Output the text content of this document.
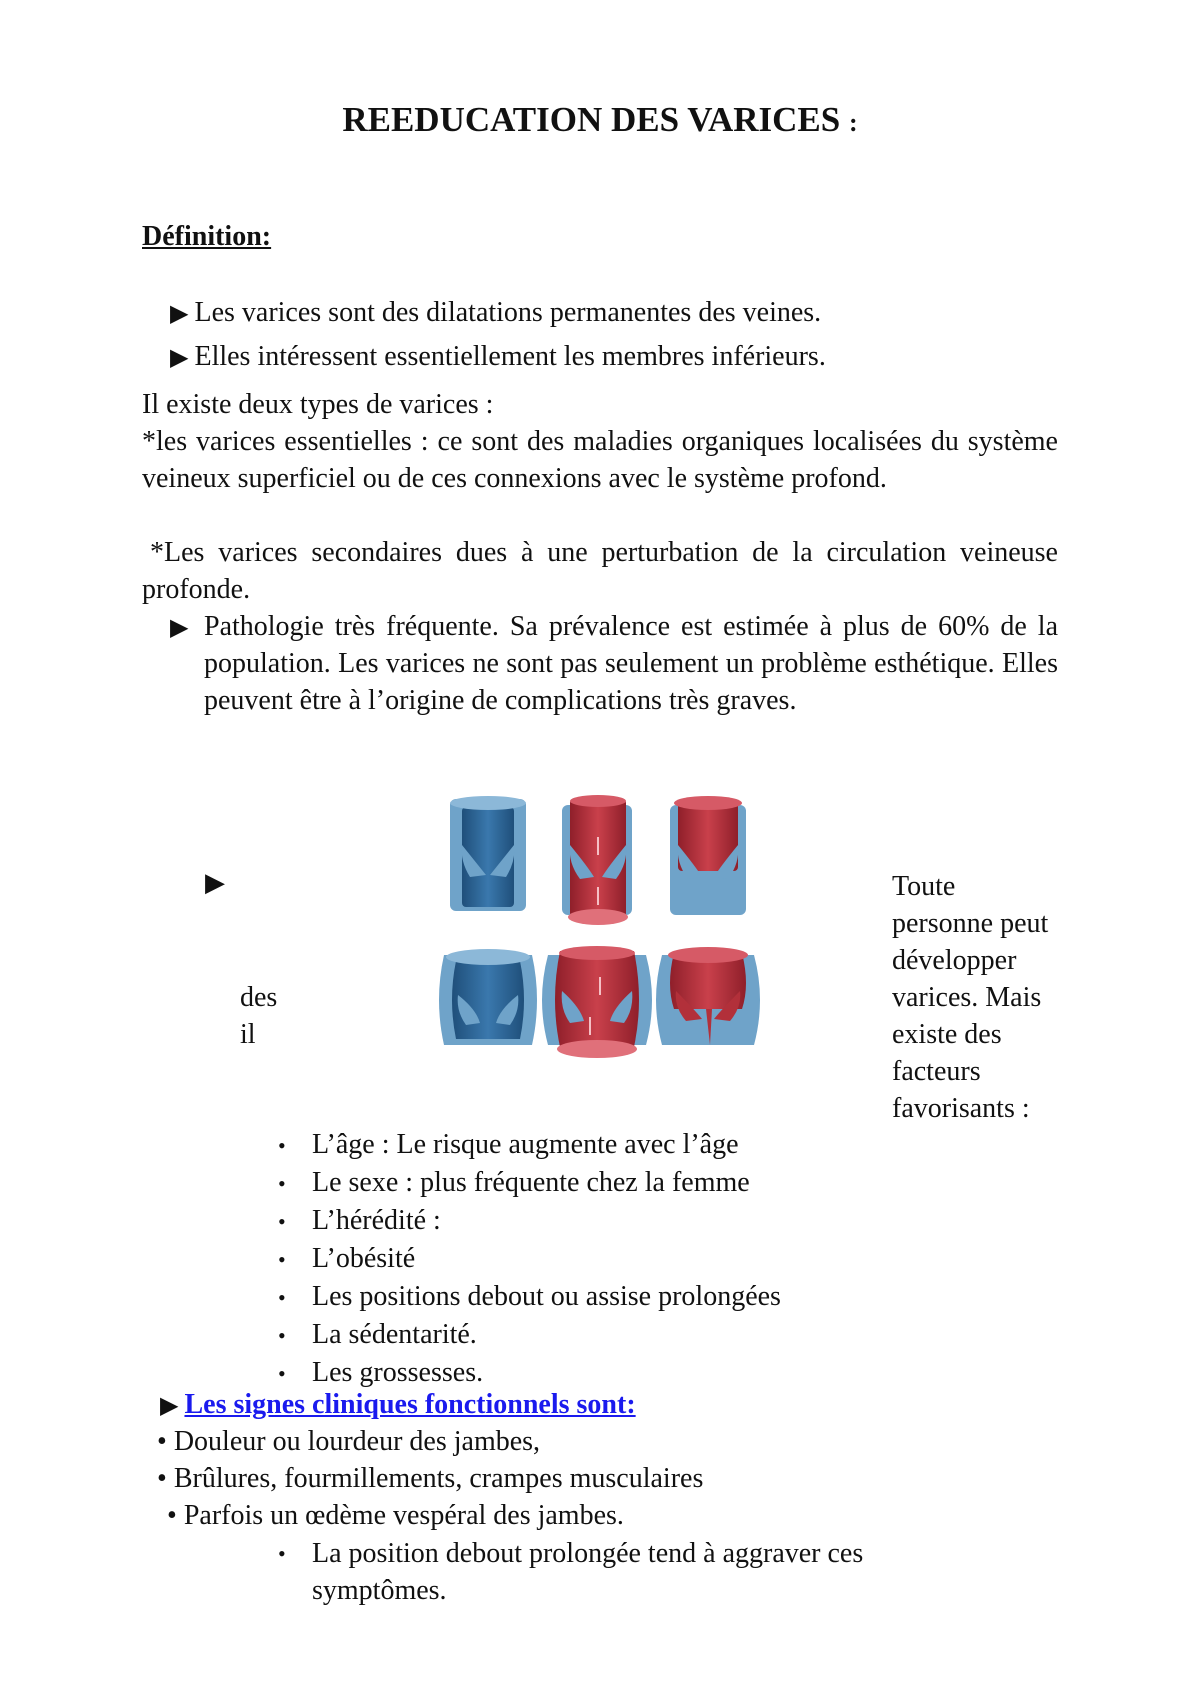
REEDUCATION DES VARICES :
Définition:
▶ Les varices sont des dilatations permanentes des veines.
▶ Elles intéressent essentiellement les membres inférieurs.
Il existe deux types de varices :
*les varices essentielles : ce sont des maladies organiques localisées du système veineux superficiel ou de ces connexions avec le système profond.
*Les varices secondaires dues à une perturbation de la circulation veineuse profonde.
▶ Pathologie très fréquente. Sa prévalence est estimée à plus de 60% de la population. Les varices ne sont pas seulement un problème esthétique. Elles peuvent être à l’origine de complications très graves.
▶
des
il
Toute
personne peut
développer
varices. Mais
existe des
facteurs
favorisants :
• L’âge : Le risque augmente avec l’âge
• Le sexe : plus fréquente chez la femme
• L’hérédité :
• L’obésité
• Les positions debout ou assise prolongées
• La sédentarité.
• Les grossesses.
▶ Les signes cliniques fonctionnels sont:
• Douleur ou lourdeur des jambes,
• Brûlures, fourmillements, crampes musculaires
• Parfois un œdème vespéral des jambes.
• La position debout prolongée tend à aggraver ces symptômes.
